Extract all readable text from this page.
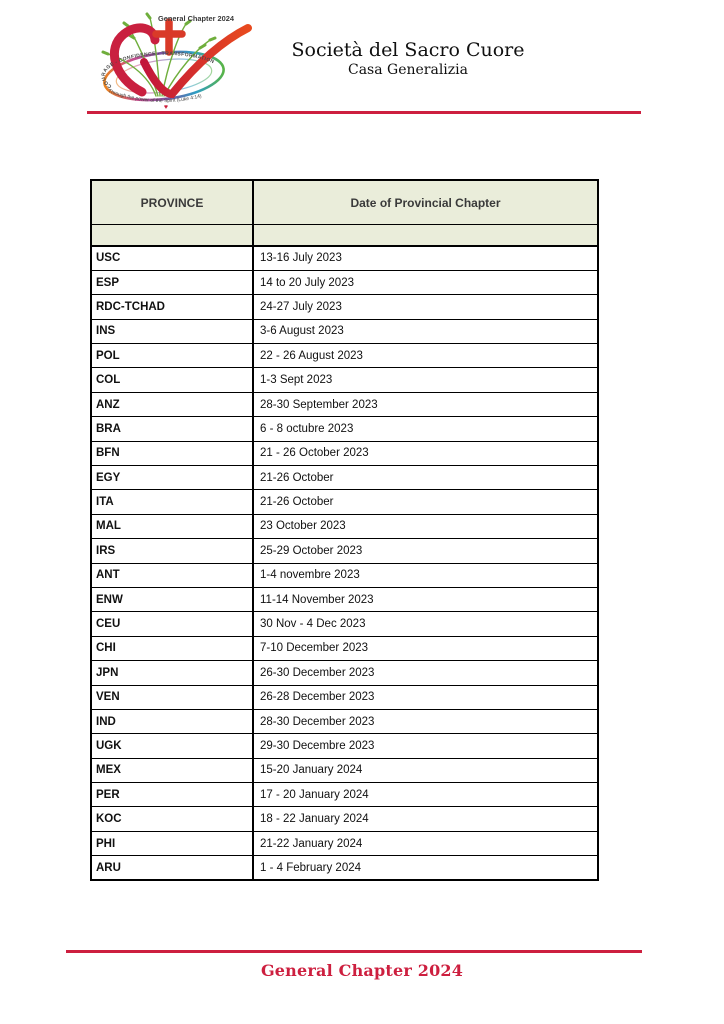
General Chapter 2024
COURAGE - CONFIDENCE - TRANSFORMATION
Through the power of the Spirit (Luke 4:14)
♥
Società del Sacro Cuore
Casa Generalizia
PROVINCE	Date of Provincial Chapter

USC	13-16 July 2023
ESP	14 to 20 July 2023
RDC-TCHAD	24-27 July 2023
INS	3-6 August 2023
POL	22 - 26 August 2023
COL	1-3 Sept 2023
ANZ	28-30 September 2023
BRA	6 - 8 octubre 2023
BFN	21 - 26 October 2023
EGY	21-26 October
ITA	21-26 October
MAL	23 October 2023
IRS	25-29 October 2023
ANT	1-4 novembre 2023
ENW	11-14 November 2023
CEU	30 Nov - 4 Dec 2023
CHI	7-10 December 2023
JPN	26-30 December 2023
VEN	26-28 December 2023
IND	28-30 December 2023
UGK	29-30 Decembre 2023
MEX	15-20 January 2024
PER	17 - 20 January 2024
KOC	18 - 22 January 2024
PHI	21-22 January 2024
ARU	1 - 4 February 2024
General Chapter 2024
